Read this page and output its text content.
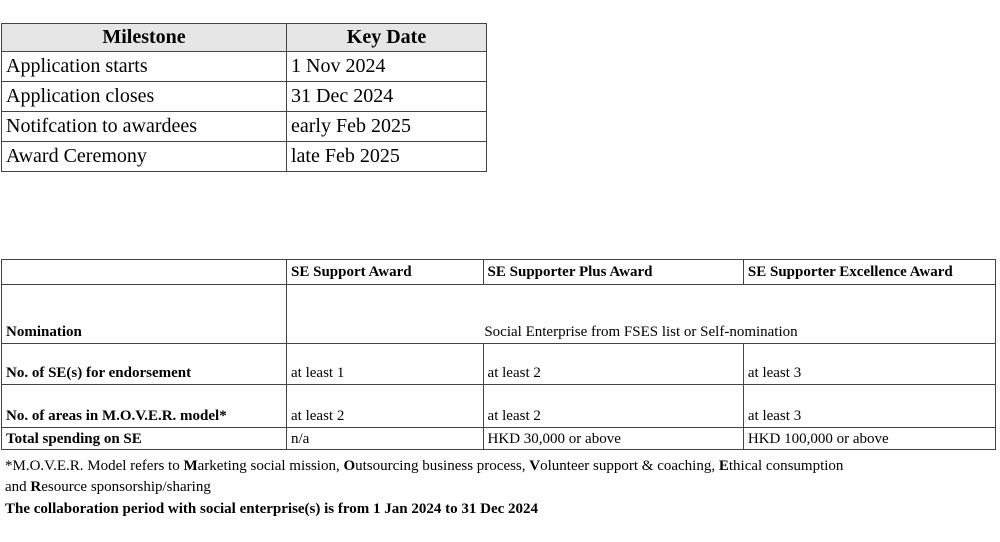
Milestone	Key Date
Application starts	1 Nov 2024
Application closes	31 Dec 2024
Notifcation to awardees	early Feb 2025
Award Ceremony	late Feb 2025
	SE Support Award	SE Supporter Plus Award	SE Supporter Excellence Award
Nomination	Social Enterprise from FSES list or Self-nomination		
No. of SE(s) for endorsement	at least 1	at least 2	at least 3
No. of areas in M.O.V.E.R. model*	at least 2	at least 2	at least 3
Total spending on SE	n/a	HKD 30,000 or above	HKD 100,000 or above
*M.O.V.E.R. Model refers to Marketing social mission, Outsourcing business process, Volunteer support & coaching, Ethical consumption
and Resource sponsorship/sharing
The collaboration period with social enterprise(s) is from 1 Jan 2024 to 31 Dec 2024
